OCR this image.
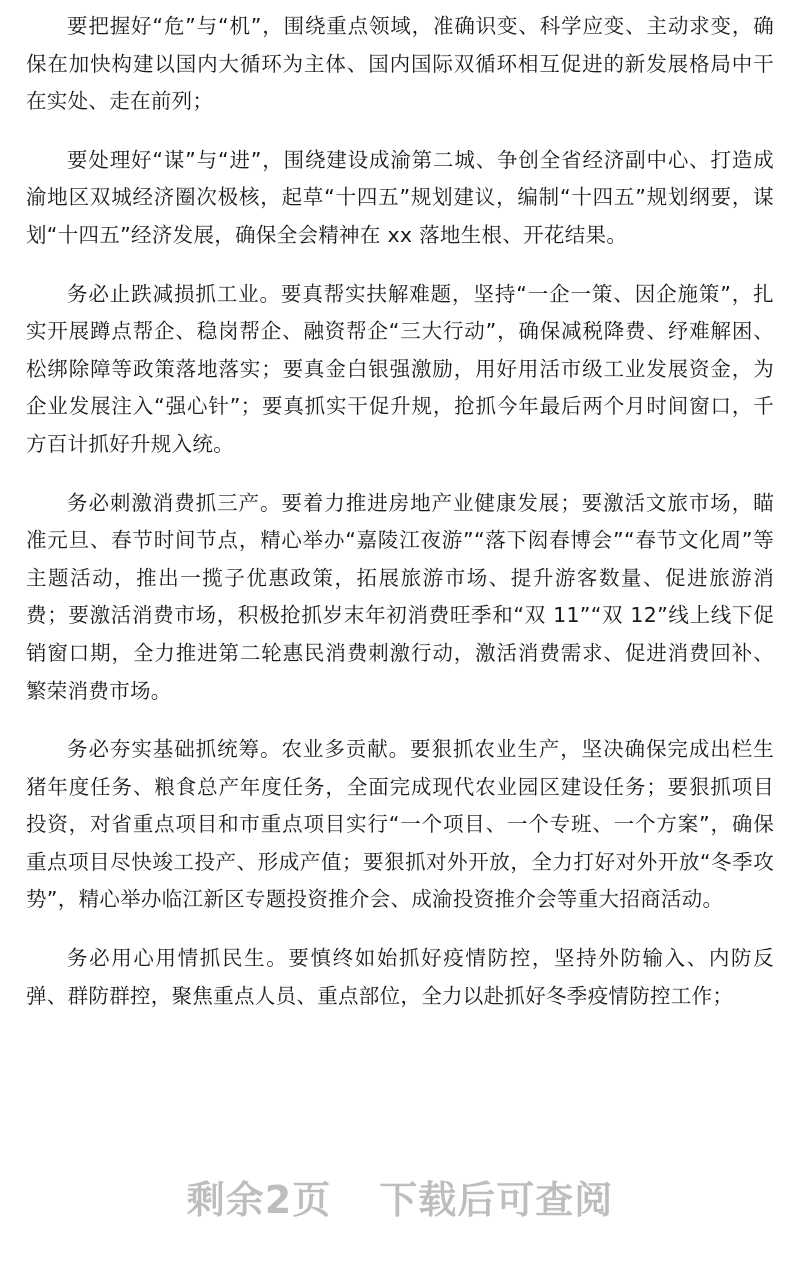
要把握好“危”与“机”，围绕重点领域，准确识变、科学应变、主动求变，确保在加快构建以国内大循环为主体、国内国际双循环相互促进的新发展格局中干在实处、走在前列；

要处理好“谋”与“进”，围绕建设成渝第二城、争创全省经济副中心、打造成渝地区双城经济圈次极核，起草“十四五”规划建议，编制“十四五”规划纲要，谋划“十四五”经济发展，确保全会精神在 xx 落地生根、开花结果。

务必止跌减损抓工业。要真帮实扶解难题，坚持“一企一策、因企施策”，扎实开展蹲点帮企、稳岗帮企、融资帮企“三大行动”，确保减税降费、纾难解困、松绑除障等政策落地落实；要真金白银强激励，用好用活市级工业发展资金，为企业发展注入“强心针”；要真抓实干促升规，抢抓今年最后两个月时间窗口，千方百计抓好升规入统。

务必刺激消费抓三产。要着力推进房地产业健康发展；要激活文旅市场，瞄准元旦、春节时间节点，精心举办“嘉陵江夜游”“落下闳春博会”“春节文化周”等主题活动，推出一揽子优惠政策，拓展旅游市场、提升游客数量、促进旅游消费；要激活消费市场，积极抢抓岁末年初消费旺季和“双 11”“双 12”线上线下促销窗口期，全力推进第二轮惠民消费刺激行动，激活消费需求、促进消费回补、繁荣消费市场。

务必夯实基础抓统筹。农业多贡献。要狠抓农业生产，坚决确保完成出栏生猪年度任务、粮食总产年度任务，全面完成现代农业园区建设任务；要狠抓项目投资，对省重点项目和市重点项目实行“一个项目、一个专班、一个方案”，确保重点项目尽快竣工投产、形成产值；要狠抓对外开放，全力打好对外开放“冬季攻势”，精心举办临江新区专题投资推介会、成渝投资推介会等重大招商活动。

务必用心用情抓民生。要慎终如始抓好疫情防控，坚持外防输入、内防反弹、群防群控，聚焦重点人员、重点部位，全力以赴抓好冬季疫情防控工作；

剩余2页 下载后可查阅
